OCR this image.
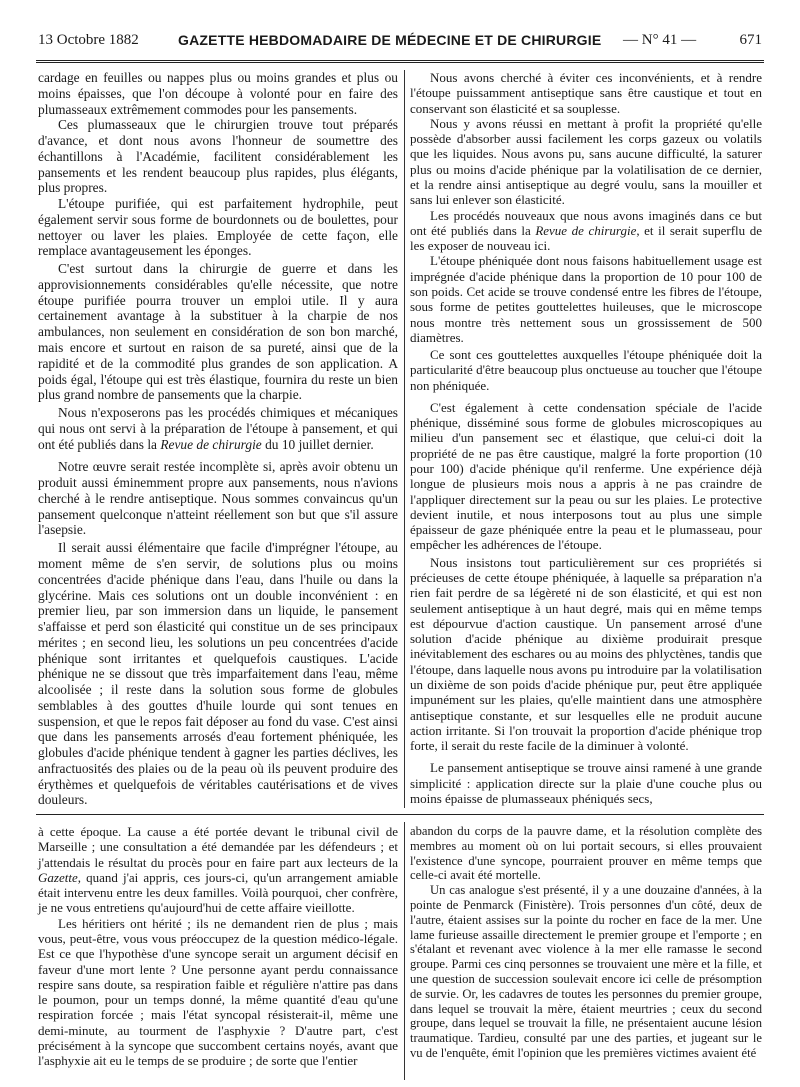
13 Octobre 1882	GAZETTE HEBDOMADAIRE DE MÉDECINE ET DE CHIRURGIE — N° 41 —	671

cardage en feuilles ou nappes plus ou moins grandes et plus ou moins épaisses, que l'on découpe à volonté pour en faire des plumasseaux extrêmement commodes pour les pansements.

Ces plumasseaux que le chirurgien trouve tout préparés d'avance, et dont nous avons l'honneur de soumettre des échantillons à l'Académie, facilitent considérablement les pansements et les rendent beaucoup plus rapides, plus élégants, plus propres.

L'étoupe purifiée, qui est parfaitement hydrophile, peut également servir sous forme de bourdonnets ou de boulettes, pour nettoyer ou laver les plaies. Employée de cette façon, elle remplace avantageusement les éponges.

C'est surtout dans la chirurgie de guerre et dans les approvisionnements considérables qu'elle nécessite, que notre étoupe purifiée pourra trouver un emploi utile. Il y aura certainement avantage à la substituer à la charpie de nos ambulances, non seulement en considération de son bon marché, mais encore et surtout en raison de sa pureté, ainsi que de la rapidité et de la commodité plus grandes de son application. A poids égal, l'étoupe qui est très élastique, fournira du reste un bien plus grand nombre de pansements que la charpie.

Nous n'exposerons pas les procédés chimiques et mécaniques qui nous ont servi à la préparation de l'étoupe à pansement, et qui ont été publiés dans la Revue de chirurgie du 10 juillet dernier.

Notre œuvre serait restée incomplète si, après avoir obtenu un produit aussi éminemment propre aux pansements, nous n'avions cherché à le rendre antiseptique. Nous sommes convaincus qu'un pansement quelconque n'atteint réellement son but que s'il assure l'asepsie.

Il serait aussi élémentaire que facile d'imprégner l'étoupe, au moment même de s'en servir, de solutions plus ou moins concentrées d'acide phénique dans l'eau, dans l'huile ou dans la glycérine. Mais ces solutions ont un double inconvénient : en premier lieu, par son immersion dans un liquide, le pansement s'affaisse et perd son élasticité qui constitue un de ses principaux mérites ; en second lieu, les solutions un peu concentrées d'acide phénique sont irritantes et quelquefois caustiques. L'acide phénique ne se dissout que très imparfaitement dans l'eau, même alcoolisée ; il reste dans la solution sous forme de globules semblables à des gouttes d'huile lourde qui sont tenues en suspension, et que le repos fait déposer au fond du vase. C'est ainsi que dans les pansements arrosés d'eau fortement phéniquée, les globules d'acide phénique tendent à gagner les parties déclives, les anfractuosités des plaies ou de la peau où ils peuvent produire des érythèmes et quelquefois de véritables cautérisations et de vives douleurs.

Nous avons cherché à éviter ces inconvénients, et à rendre l'étoupe puissamment antiseptique sans être caustique et tout en conservant son élasticité et sa souplesse.

Nous y avons réussi en mettant à profit la propriété qu'elle possède d'absorber aussi facilement les corps gazeux ou volatils que les liquides. Nous avons pu, sans aucune difficulté, la saturer plus ou moins d'acide phénique par la volatilisation de ce dernier, et la rendre ainsi antiseptique au degré voulu, sans la mouiller et sans lui enlever son élasticité.

Les procédés nouveaux que nous avons imaginés dans ce but ont été publiés dans la Revue de chirurgie, et il serait superflu de les exposer de nouveau ici.

L'étoupe phéniquée dont nous faisons habituellement usage est imprégnée d'acide phénique dans la proportion de 10 pour 100 de son poids. Cet acide se trouve condensé entre les fibres de l'étoupe, sous forme de petites gouttelettes huileuses, que le microscope nous montre très nettement sous un grossissement de 500 diamètres.

Ce sont ces gouttelettes auxquelles l'étoupe phéniquée doit la particularité d'être beaucoup plus onctueuse au toucher que l'étoupe non phéniquée.

C'est également à cette condensation spéciale de l'acide phénique, disséminé sous forme de globules microscopiques au milieu d'un pansement sec et élastique, que celui-ci doit la propriété de ne pas être caustique, malgré la forte proportion (10 pour 100) d'acide phénique qu'il renferme. Une expérience déjà longue de plusieurs mois nous a appris à ne pas craindre de l'appliquer directement sur la peau ou sur les plaies. Le protective devient inutile, et nous interposons tout au plus une simple épaisseur de gaze phéniquée entre la peau et le plumasseau, pour empêcher les adhérences de l'étoupe.

Nous insistons tout particulièrement sur ces propriétés si précieuses de cette étoupe phéniquée, à laquelle sa préparation n'a rien fait perdre de sa légèreté ni de son élasticité, et qui est non seulement antiseptique à un haut degré, mais qui en même temps est dépourvue d'action caustique. Un pansement arrosé d'une solution d'acide phénique au dixième produirait presque inévitablement des eschares ou au moins des phlyctènes, tandis que l'étoupe, dans laquelle nous avons pu introduire par la volatilisation un dixième de son poids d'acide phénique pur, peut être appliquée impunément sur les plaies, qu'elle maintient dans une atmosphère antiseptique constante, et sur lesquelles elle ne produit aucune action irritante. Si l'on trouvait la proportion d'acide phénique trop forte, il serait du reste facile de la diminuer à volonté.

Le pansement antiseptique se trouve ainsi ramené à une grande simplicité : application directe sur la plaie d'une couche plus ou moins épaisse de plumasseaux phéniqués secs,

à cette époque. La cause a été portée devant le tribunal civil de Marseille ; une consultation a été demandée par les défendeurs ; et j'attendais le résultat du procès pour en faire part aux lecteurs de la Gazette, quand j'ai appris, ces jours-ci, qu'un arrangement amiable était intervenu entre les deux familles. Voilà pourquoi, cher confrère, je ne vous entretiens qu'aujourd'hui de cette affaire vieillotte.

Les héritiers ont hérité ; ils ne demandent rien de plus ; mais vous, peut-être, vous vous préoccupez de la question médico-légale. Est ce que l'hypothèse d'une syncope serait un argument décisif en faveur d'une mort lente ? Une personne ayant perdu connaissance respire sans doute, sa respiration faible et régulière n'attire pas dans le poumon, pour un temps donné, la même quantité d'eau qu'une respiration forcée ; mais l'état syncopal résisterait-il, même une demi-minute, au tourment de l'asphyxie ? D'autre part, c'est précisément à la syncope que succombent certains noyés, avant que l'asphyxie ait eu le temps de se produire ; de sorte que l'entier

abandon du corps de la pauvre dame, et la résolution complète des membres au moment où on lui portait secours, si elles prouvaient l'existence d'une syncope, pourraient prouver en même temps que celle-ci avait été mortelle.

Un cas analogue s'est présenté, il y a une douzaine d'années, à la pointe de Penmarck (Finistère). Trois personnes d'un côté, deux de l'autre, étaient assises sur la pointe du rocher en face de la mer. Une lame furieuse assaille directement le premier groupe et l'emporte ; en s'étalant et revenant avec violence à la mer elle ramasse le second groupe. Parmi ces cinq personnes se trouvaient une mère et la fille, et une question de succession soulevait encore ici celle de présomption de survie. Or, les cadavres de toutes les personnes du premier groupe, dans lequel se trouvait la mère, étaient meurtries ; ceux du second groupe, dans lequel se trouvait la fille, ne présentaient aucune lésion traumatique. Tardieu, consulté par une des parties, et jugeant sur le vu de l'enquête, émit l'opinion que les premières victimes avaient été
